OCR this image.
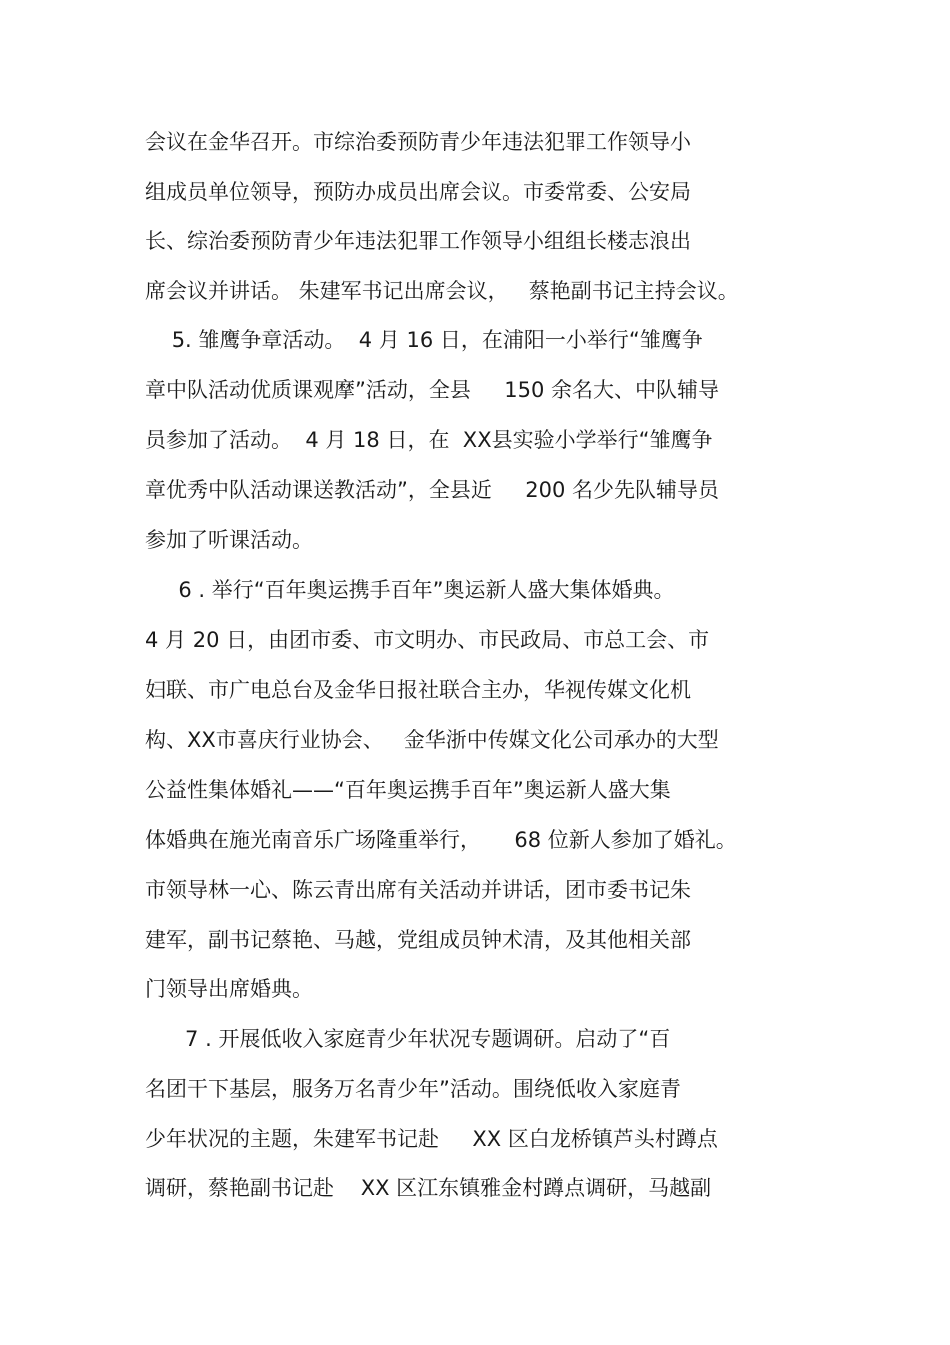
会议在金华召开。市综治委预防青少年违法犯罪工作领导小
组成员单位领导，预防办成员出席会议。市委常委、公安局
长、综治委预防青少年违法犯罪工作领导小组组长楼志浪出
席会议并讲话。 朱建军书记出席会议，   蔡艳副书记主持会议。
5. 雏鹰争章活动。  4 月 16 日，在浦阳一小举行“雏鹰争
章中队活动优质课观摩”活动，全县     150 余名大、中队辅导
员参加了活动。  4 月 18 日，在  XX县实验小学举行“雏鹰争
章优秀中队活动课送教活动”，全县近     200 名少先队辅导员
参加了听课活动。
6 . 举行“百年奥运携手百年”奥运新人盛大集体婚典。
4 月 20 日，由团市委、市文明办、市民政局、市总工会、市
妇联、市广电总台及金华日报社联合主办，华视传媒文化机
构、XX市喜庆行业协会、   金华浙中传媒文化公司承办的大型
公益性集体婚礼——“百年奥运携手百年”奥运新人盛大集
体婚典在施光南音乐广场隆重举行，     68 位新人参加了婚礼。
市领导林一心、陈云青出席有关活动并讲话，团市委书记朱
建军，副书记蔡艳、马越，党组成员钟术清，及其他相关部
门领导出席婚典。
7 . 开展低收入家庭青少年状况专题调研。启动了“百
名团干下基层，服务万名青少年”活动。围绕低收入家庭青
少年状况的主题，朱建军书记赴     XX 区白龙桥镇芦头村蹲点
调研，蔡艳副书记赴    XX 区江东镇雅金村蹲点调研，马越副
